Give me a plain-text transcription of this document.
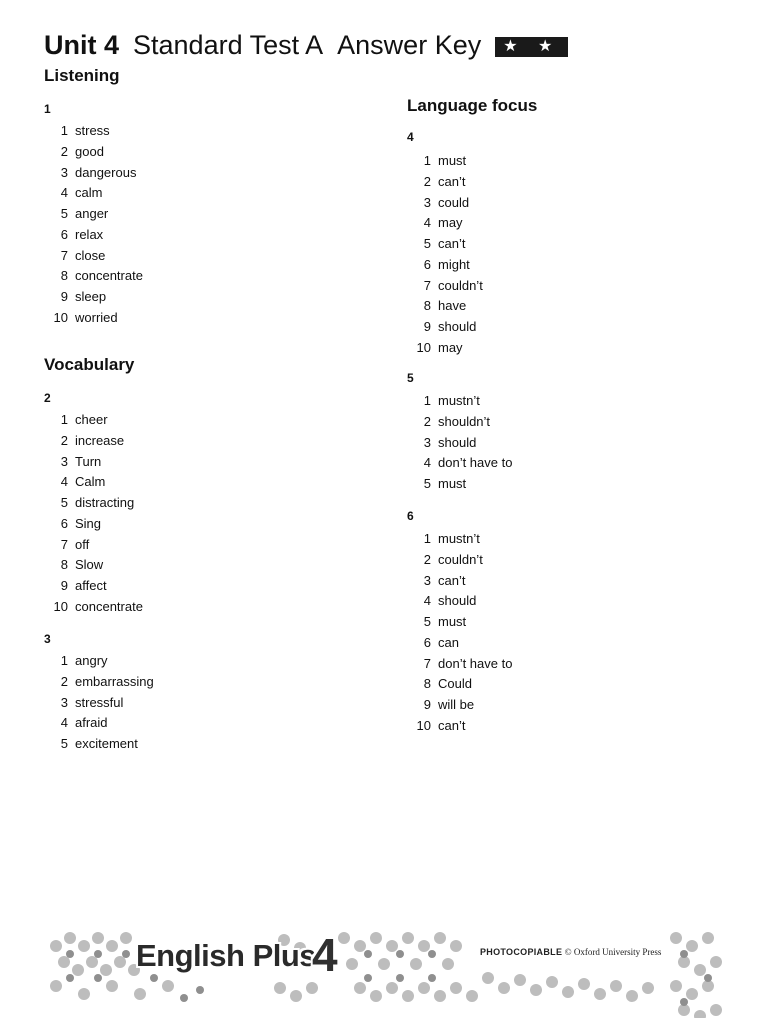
Unit 4 Standard Test A Answer Key	★ ★
Listening
1
1 stress
2 good
3 dangerous
4 calm
5 anger
6 relax
7 close
8 concentrate
9 sleep
10 worried
Vocabulary
2
1 cheer
2 increase
3 Turn
4 Calm
5 distracting
6 Sing
7 off
8 Slow
9 affect
10 concentrate
3
1 angry
2 embarrassing
3 stressful
4 afraid
5 excitement
Language focus
4
1 must
2 can’t
3 could
4 may
5 can’t
6 might
7 couldn’t
8 have
9 should
10 may
5
1 mustn’t
2 shouldn’t
3 should
4 don’t have to
5 must
6
1 mustn’t
2 couldn’t
3 can’t
4 should
5 must
6 can
7 don’t have to
8 Could
9 will be
10 can’t
English Plus
4	PHOTOCOPIABLE © Oxford University Press
